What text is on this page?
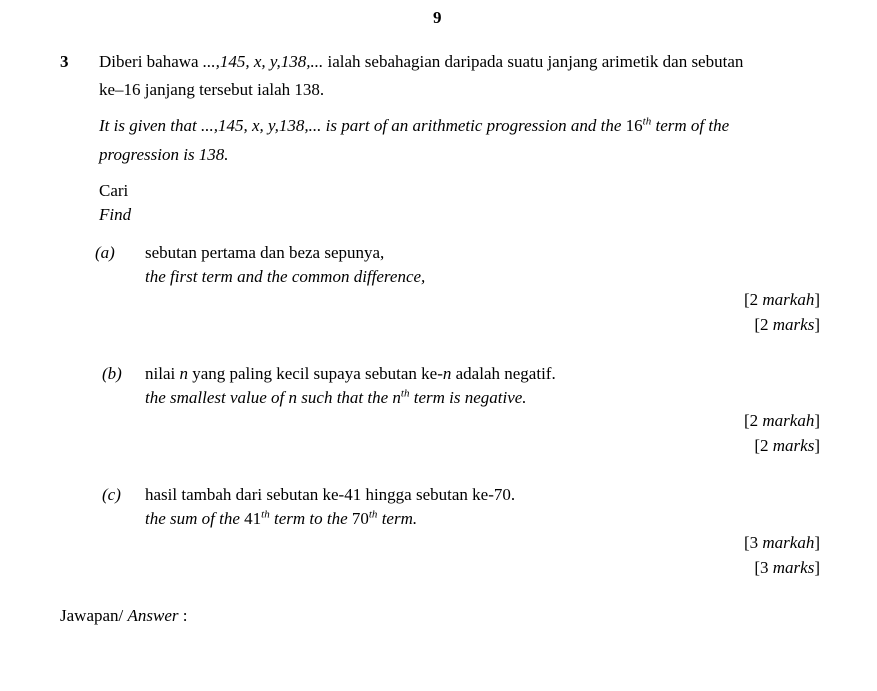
9
3 Diberi bahawa ...,145, x, y,138,... ialah sebahagian daripada suatu janjang arimetik dan sebutan
ke–16 janjang tersebut ialah 138.
It is given that ...,145, x, y,138,... is part of an arithmetic progression and the 16th term of the
progression is 138.
Cari
Find
(a) sebutan pertama dan beza sepunya,
the first term and the common difference,
[2 markah]
[2 marks]
(b) nilai n yang paling kecil supaya sebutan ke-n adalah negatif.
the smallest value of n such that the $n^{th}$ term is negative.
[2 markah]
[2 marks]
(c) hasil tambah dari sebutan ke-41 hingga sebutan ke-70.
the sum of the 41th term to the 70th term.
[3 markah]
[3 marks]
Jawapan/ Answer :
